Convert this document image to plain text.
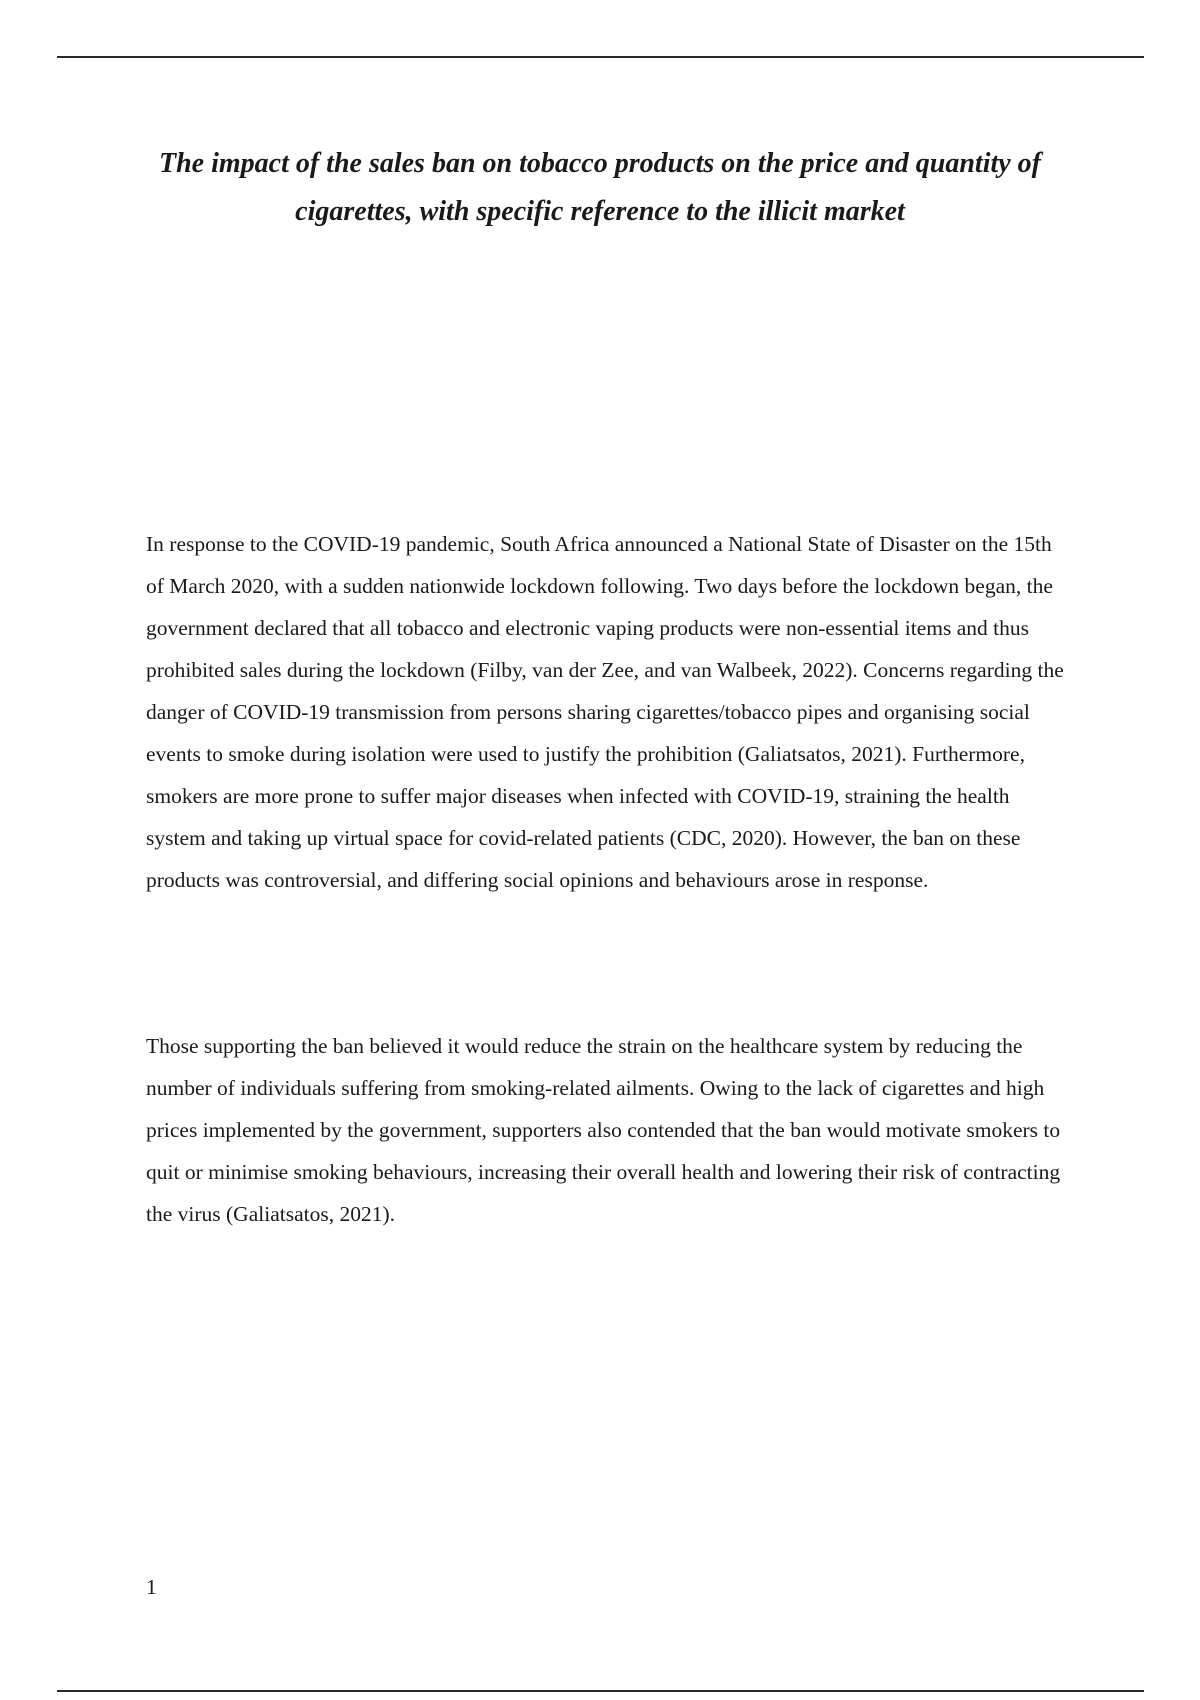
The impact of the sales ban on tobacco products on the price and quantity of
cigarettes, with specific reference to the illicit market

In response to the COVID-19 pandemic, South Africa announced a National State of Disaster on the 15th of March 2020, with a sudden nationwide lockdown following. Two days before the lockdown began, the government declared that all tobacco and electronic vaping products were non-essential items and thus prohibited sales during the lockdown (Filby, van der Zee, and van Walbeek, 2022). Concerns regarding the danger of COVID-19 transmission from persons sharing cigarettes/tobacco pipes and organising social events to smoke during isolation were used to justify the prohibition (Galiatsatos, 2021). Furthermore, smokers are more prone to suffer major diseases when infected with COVID-19, straining the health system and taking up virtual space for covid-related patients (CDC, 2020). However, the ban on these products was controversial, and differing social opinions and behaviours arose in response.

Those supporting the ban believed it would reduce the strain on the healthcare system by reducing the number of individuals suffering from smoking-related ailments. Owing to the lack of cigarettes and high prices implemented by the government, supporters also contended that the ban would motivate smokers to quit or minimise smoking behaviours, increasing their overall health and lowering their risk of contracting the virus (Galiatsatos, 2021).

1
